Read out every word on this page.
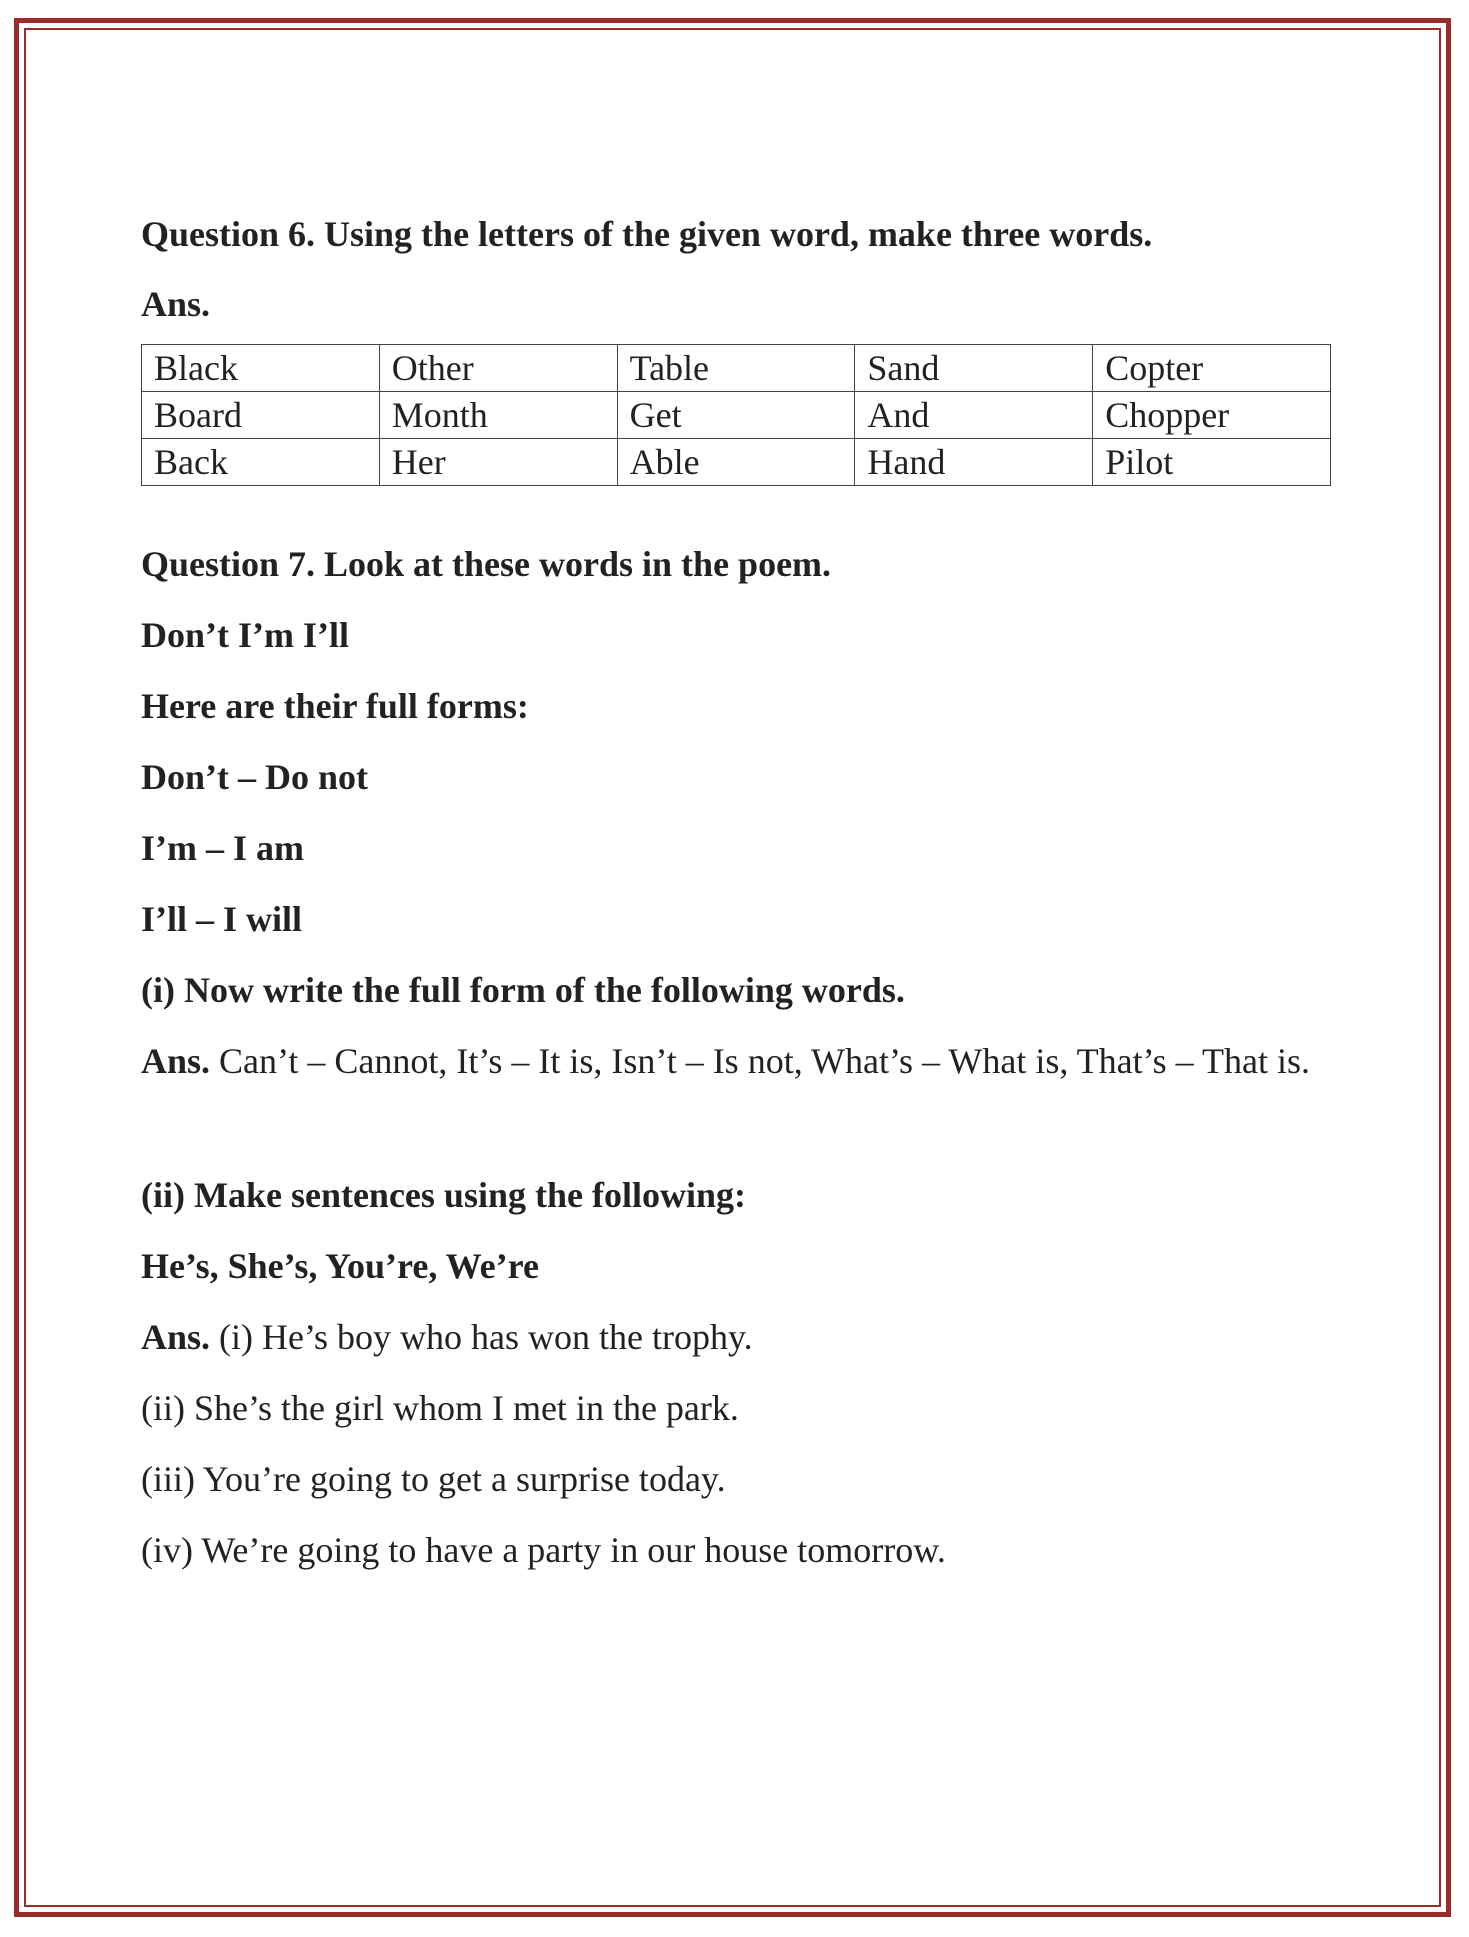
Question 6. Using the letters of the given word, make three words.

Ans.

Black	Other	Table	Sand	Copter
Board	Month	Get	And	Chopper
Back	Her	Able	Hand	Pilot

Question 7. Look at these words in the poem.

Don’t I’m I’ll

Here are their full forms:

Don’t – Do not

I’m – I am

I’ll – I will

(i) Now write the full form of the following words.

Ans. Can’t – Cannot, It’s – It is, Isn’t – Is not, What’s – What is, That’s – That is.

(ii) Make sentences using the following:

He’s, She’s, You’re, We’re

Ans. (i) He’s boy who has won the trophy.

(ii) She’s the girl whom I met in the park.

(iii) You’re going to get a surprise today.

(iv) We’re going to have a party in our house tomorrow.
